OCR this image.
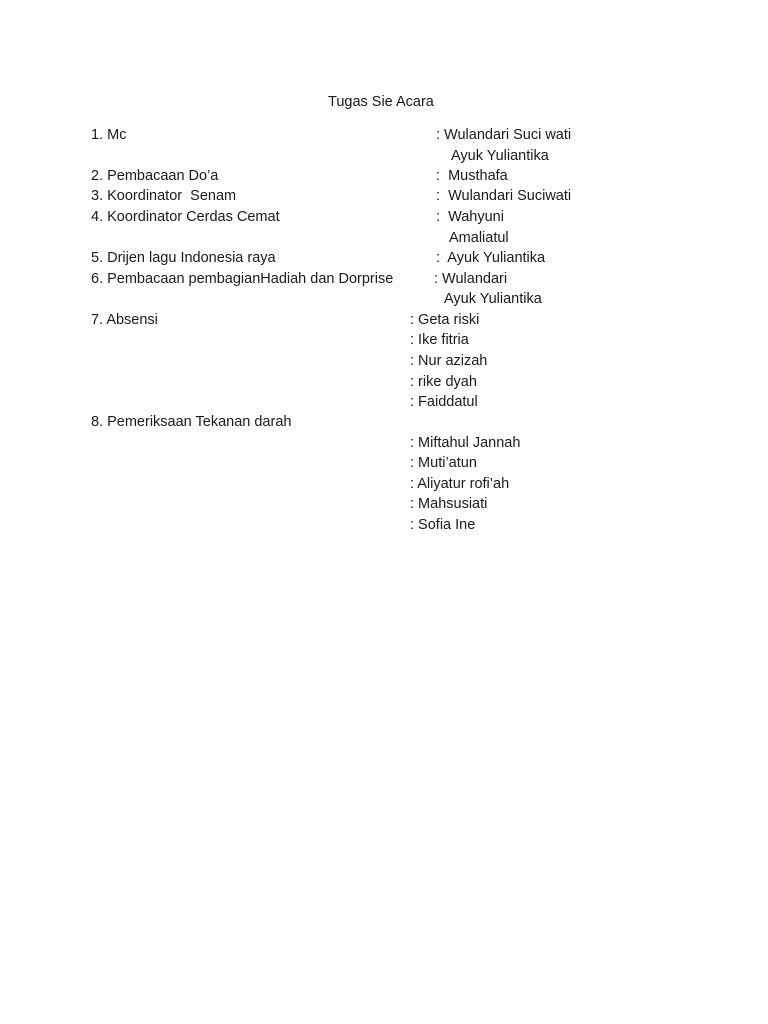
Tugas Sie Acara
1. Mc	: Wulandari Suci wati
Ayuk Yuliantika
2. Pembacaan Do’a	:  Musthafa
3. Koordinator  Senam	:  Wulandari Suciwati
4. Koordinator Cerdas Cemat	:  Wahyuni
Amaliatul
5. Drijen lagu Indonesia raya	:  Ayuk Yuliantika
6. Pembacaan pembagianHadiah dan Dorprise	: Wulandari
Ayuk Yuliantika
7. Absensi	: Geta riski
: Ike fitria
: Nur azizah
: rike dyah
: Faiddatul
8. Pemeriksaan Tekanan darah
: Miftahul Jannah
: Muti’atun
: Aliyatur rofi’ah
: Mahsusiati
: Sofia Ine
